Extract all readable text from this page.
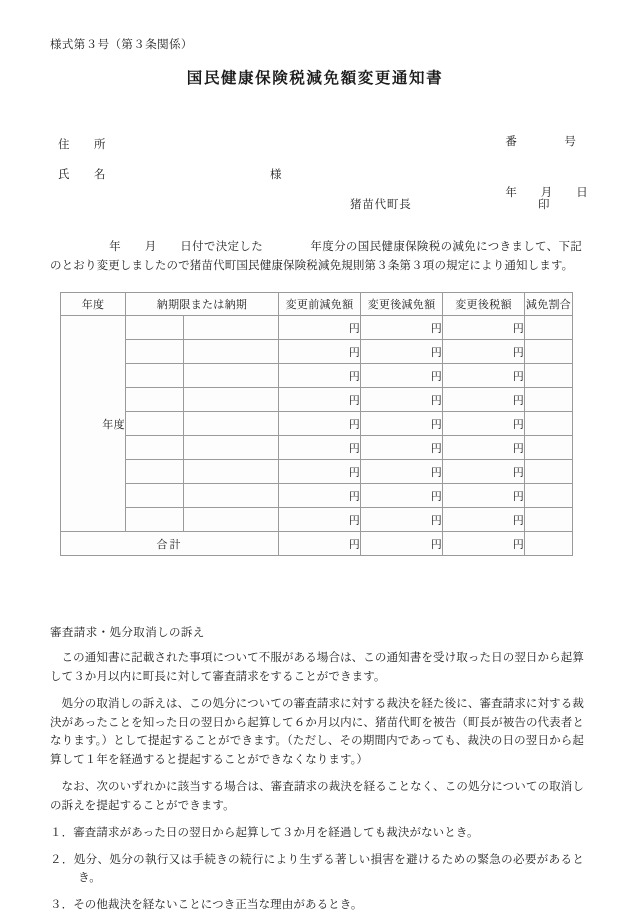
様式第３号（第３条関係）
国民健康保険税減免額変更通知書

番　　　　号

年　　月　　日

住　　所
氏　　名	様
猪苗代町長	印
　　　　　年　　月　　日付で決定した　　　　年度分の国民健康保険税の減免につきまして、下記のとおり変更しましたので猪苗代町国民健康保険税減免規則第３条第３項の規定により通知します。
年度	納期限または納期		変更前減免額	変更後減免額	変更後税額	減免割合
年度			円	円	円	
			円	円	円	
			円	円	円	
			円	円	円	
			円	円	円	
			円	円	円	
			円	円	円	
			円	円	円	
			円	円	円	
合計			円	円	円	
審査請求・処分取消しの訴え

この通知書に記載された事項について不服がある場合は、この通知書を受け取った日の翌日から起算して３か月以内に町長に対して審査請求をすることができます。

処分の取消しの訴えは、この処分についての審査請求に対する裁決を経た後に、審査請求に対する裁決があったことを知った日の翌日から起算して６か月以内に、猪苗代町を被告（町長が被告の代表者となります。）として提起することができます。（ただし、その期間内であっても、裁決の日の翌日から起算して１年を経過すると提起することができなくなります。）

なお、次のいずれかに該当する場合は、審査請求の裁決を経ることなく、この処分についての取消しの訴えを提起することができます。

１．審査請求があった日の翌日から起算して３か月を経過しても裁決がないとき。
２．処分、処分の執行又は手続きの続行により生ずる著しい損害を避けるための緊急の必要があるとき。
３．その他裁決を経ないことにつき正当な理由があるとき。
